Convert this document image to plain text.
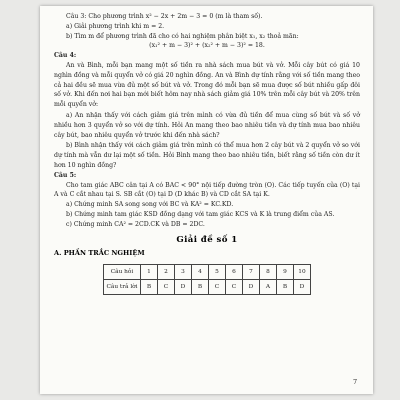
Câu 3: Cho phương trình x² − 2x + 2m − 3 = 0 (m là tham số).

a) Giải phương trình khi m = 2.

b) Tìm m để phương trình đã cho có hai nghiệm phân biệt x₁, x₂ thoả mãn:

(x₁² + m − 3)² + (x₂² + m − 3)² = 18.

Câu 4:

An và Bình, mỗi bạn mang một số tiền ra nhà sách mua bút và vở. Mỗi cây bút có giá 10 nghìn đồng và mỗi quyển vở có giá 20 nghìn đồng. An và Bình dự tính rằng với số tiền mang theo cả hai đều sẽ mua vừa đủ một số bút và vở. Trong đó mỗi bạn sẽ mua được số bút nhiều gấp đôi số vở. Khi đến nơi hai bạn mới biết hôm nay nhà sách giảm giá 10% trên mỗi cây bút và 20% trên mỗi quyển vở:

a) An nhận thấy với cách giảm giá trên mình có vừa đủ tiền để mua cùng số bút và số vở nhiều hơn 3 quyển vở so với dự tính. Hỏi An mang theo bao nhiêu tiền và dự tính mua bao nhiêu cây bút, bao nhiêu quyển vở trước khi đến nhà sách?

b) Bình nhận thấy với cách giảm giá trên mình có thể mua hơn 2 cây bút và 2 quyển vở so với dự tính mà vẫn dư lại một số tiền. Hỏi Bình mang theo bao nhiêu tiền, biết rằng số tiền còn dư ít hơn 10 nghìn đồng?

Câu 5:

Cho tam giác ABC cân tại A có BAC < 90° nội tiếp đường tròn (O). Các tiếp tuyến của (O) tại A và C cắt nhau tại S. SB cắt (O) tại D (D khác B) và CD cắt SA tại K.

a) Chứng minh SA song song với BC và KA² = KC.KD.

b) Chứng minh tam giác KSD đồng dạng với tam giác KCS và K là trung điểm của AS.

c) Chứng minh CA² = 2CD.CK và DB = 2DC.

Giải đề số 1
A. PHẦN TRẮC NGHIỆM
Câu hỏi	1	2	3	4	5	6	7	8	9	10
Câu trả lời	B	C	D	B	C	C	D	A	B	D
7
